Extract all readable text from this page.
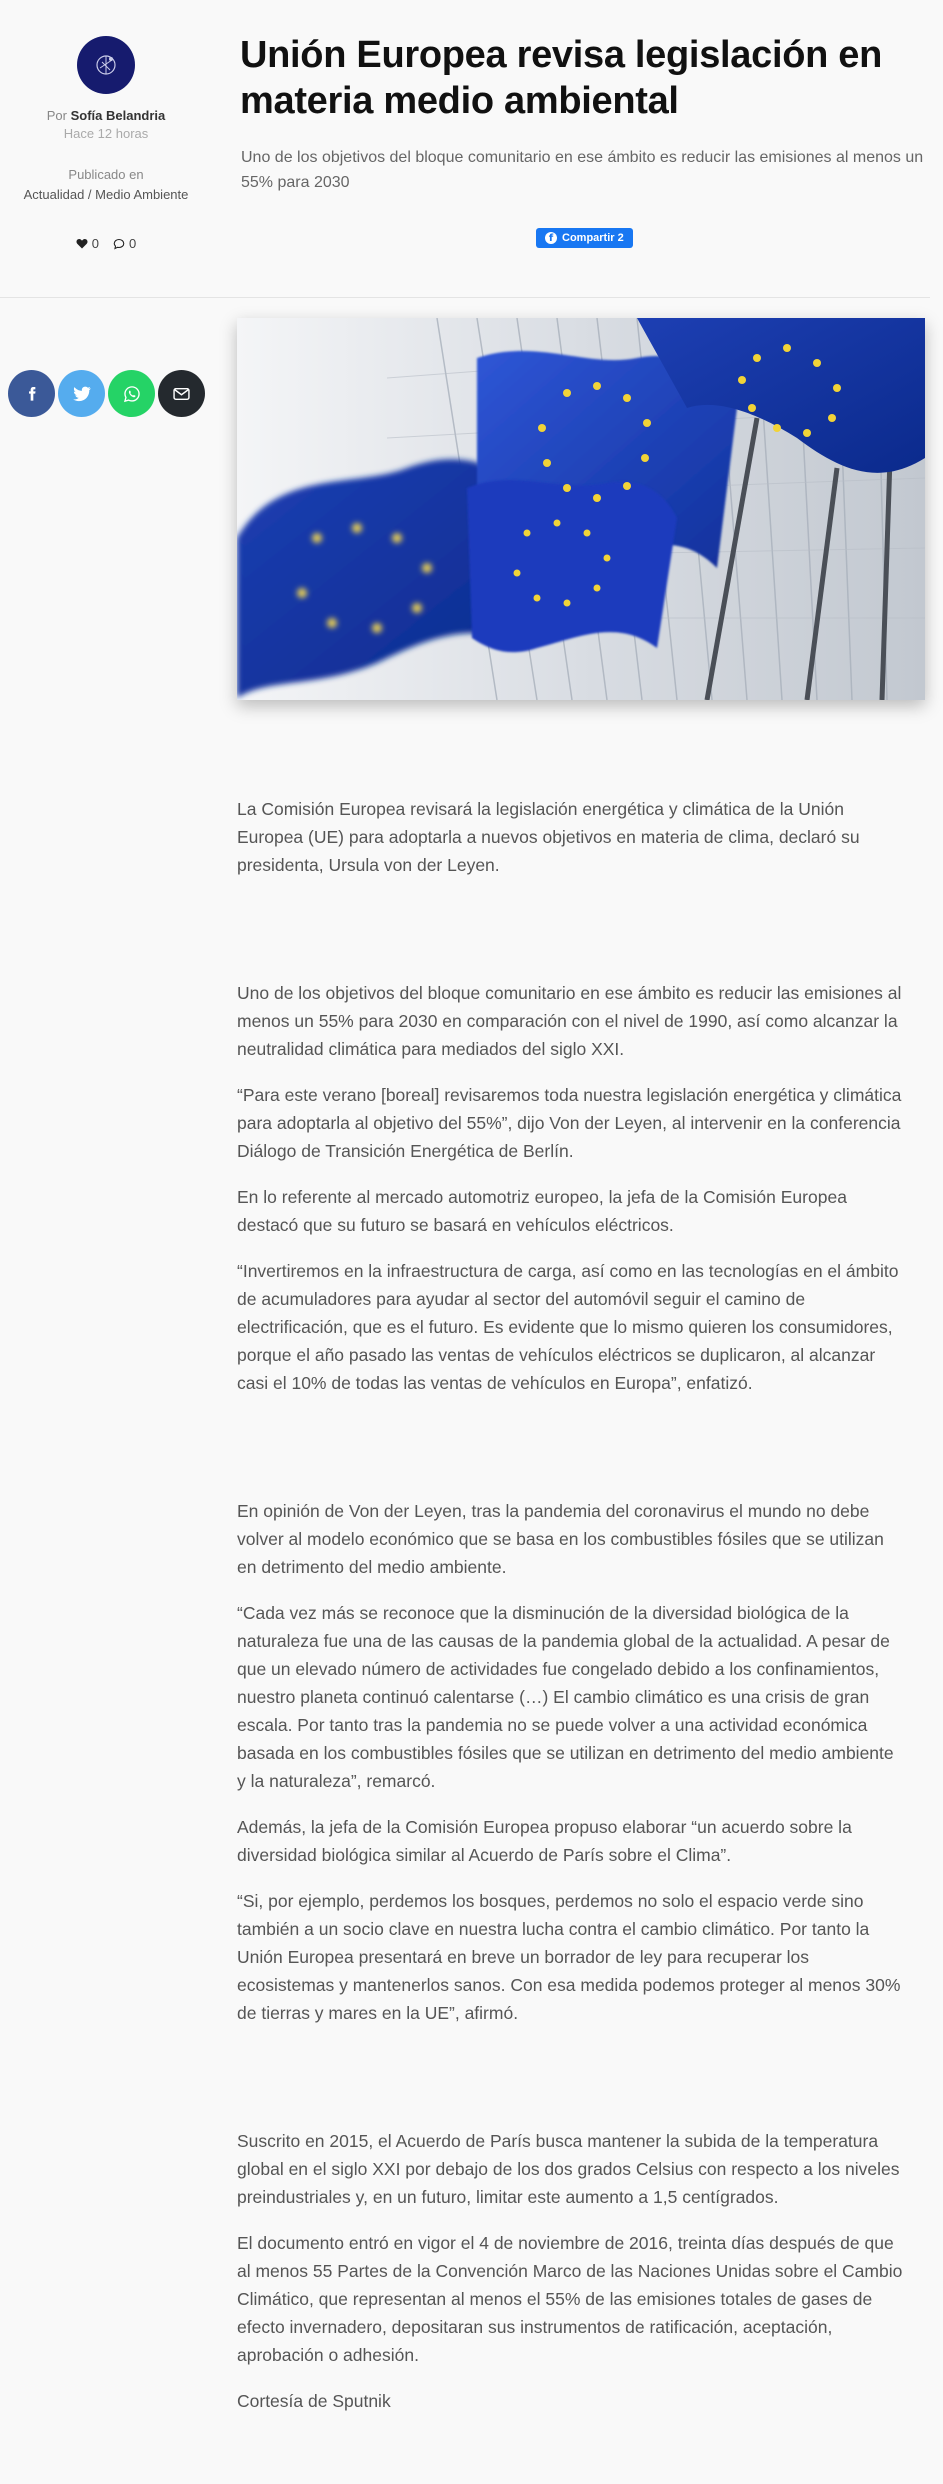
Por Sofía Belandria
Hace 12 horas
Publicado en
Actualidad / Medio Ambiente
0 0
Unión Europea revisa legislación en materia medio ambiental

Uno de los objetivos del bloque comunitario en ese ámbito es reducir las emisiones al menos un 55% para 2030

f Compartir 2

La Comisión Europea revisará la legislación energética y climática de la Unión Europea (UE) para adoptarla a nuevos objetivos en materia de clima, declaró su presidenta, Ursula von der Leyen.

Uno de los objetivos del bloque comunitario en ese ámbito es reducir las emisiones al menos un 55% para 2030 en comparación con el nivel de 1990, así como alcanzar la neutralidad climática para mediados del siglo XXI.

“Para este verano [boreal] revisaremos toda nuestra legislación energética y climática para adoptarla al objetivo del 55%”, dijo Von der Leyen, al intervenir en la conferencia Diálogo de Transición Energética de Berlín.

En lo referente al mercado automotriz europeo, la jefa de la Comisión Europea destacó que su futuro se basará en vehículos eléctricos.

“Invertiremos en la infraestructura de carga, así como en las tecnologías en el ámbito de acumuladores para ayudar al sector del automóvil seguir el camino de electrificación, que es el futuro. Es evidente que lo mismo quieren los consumidores, porque el año pasado las ventas de vehículos eléctricos se duplicaron, al alcanzar casi el 10% de todas las ventas de vehículos en Europa”, enfatizó.

En opinión de Von der Leyen, tras la pandemia del coronavirus el mundo no debe volver al modelo económico que se basa en los combustibles fósiles que se utilizan en detrimento del medio ambiente.

“Cada vez más se reconoce que la disminución de la diversidad biológica de la naturaleza fue una de las causas de la pandemia global de la actualidad. A pesar de que un elevado número de actividades fue congelado debido a los confinamientos, nuestro planeta continuó calentarse (…) El cambio climático es una crisis de gran escala. Por tanto tras la pandemia no se puede volver a una actividad económica basada en los combustibles fósiles que se utilizan en detrimento del medio ambiente y la naturaleza”, remarcó.

Además, la jefa de la Comisión Europea propuso elaborar “un acuerdo sobre la diversidad biológica similar al Acuerdo de París sobre el Clima”.

“Si, por ejemplo, perdemos los bosques, perdemos no solo el espacio verde sino también a un socio clave en nuestra lucha contra el cambio climático. Por tanto la Unión Europea presentará en breve un borrador de ley para recuperar los ecosistemas y mantenerlos sanos. Con esa medida podemos proteger al menos 30% de tierras y mares en la UE”, afirmó.

Suscrito en 2015, el Acuerdo de París busca mantener la subida de la temperatura global en el siglo XXI por debajo de los dos grados Celsius con respecto a los niveles preindustriales y, en un futuro, limitar este aumento a 1,5 centígrados.

El documento entró en vigor el 4 de noviembre de 2016, treinta días después de que al menos 55 Partes de la Convención Marco de las Naciones Unidas sobre el Cambio Climático, que representan al menos el 55% de las emisiones totales de gases de efecto invernadero, depositaran sus instrumentos de ratificación, aceptación, aprobación o adhesión.

Cortesía de Sputnik
